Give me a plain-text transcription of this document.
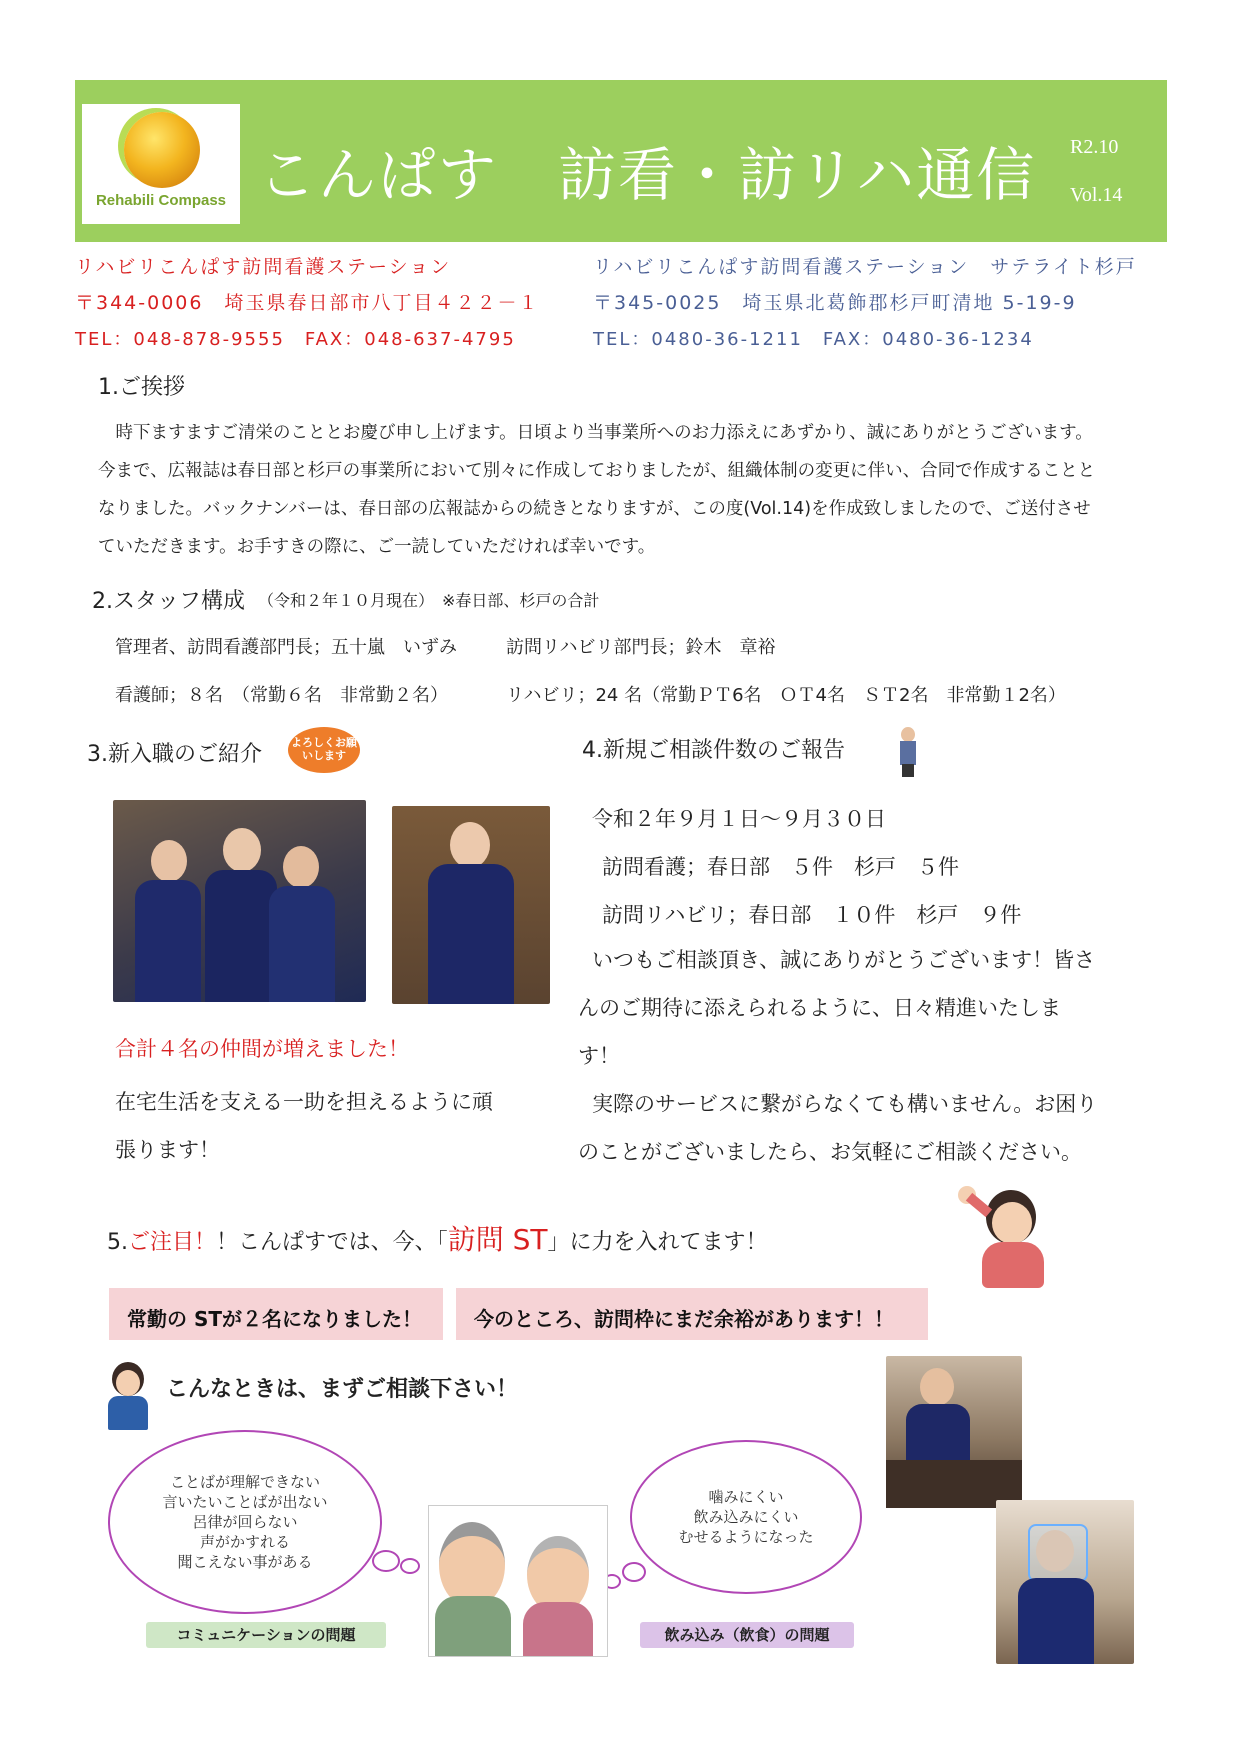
Rehabili Compass こんぱす　訪看・訪リハ通信 R2.10
Vol.14
リハビリこんぱす訪問看護ステーション
〒344-0006　埼玉県春日部市八丁目４２２－１
TEL：048-878-9555　FAX：048-637-4795
リハビリこんぱす訪問看護ステーション　サテライト杉戸
〒345-0025　埼玉県北葛飾郡杉戸町清地 5-19-9
TEL：0480-36-1211　FAX：0480-36-1234
1.ご挨拶
　時下ますますご清栄のこととお慶び申し上げます。日頃より当事業所へのお力添えにあずかり、誠にありがとうございます。
今まで、広報誌は春日部と杉戸の事業所において別々に作成しておりましたが、組織体制の変更に伴い、合同で作成することと
なりました。バックナンバーは、春日部の広報誌からの続きとなりますが、この度(Vol.14)を作成致しましたので、ご送付させ
ていただきます。お手すきの際に、ご一読していただければ幸いです。
2.スタッフ構成 （令和２年１０月現在）　※春日部、杉戸の合計
管理者、訪問看護部門長；五十嵐　いずみ	訪問リハビリ部門長；鈴木　章裕
看護師；８名　（常勤６名　非常勤２名）	リハビリ；24 名（常勤ＰＴ6名　ＯＴ4名　ＳＴ2名　非常勤１2名）
3.新入職のご紹介	よろしくお願いします
合計４名の仲間が増えました！
在宅生活を支える一助を担えるように頑
張ります！
4.新規ご相談件数のご報告
令和２年９月１日～９月３０日
訪問看護；春日部　５件　杉戸　５件
訪問リハビリ；春日部　１０件　杉戸　９件
いつもご相談頂き、誠にありがとうございます！皆さ
んのご期待に添えられるように、日々精進いたしま
す！
実際のサービスに繋がらなくても構いません。お困り
のことがございましたら、お気軽にご相談ください。
5.ご注目！！こんぱすでは、今、「訪問 ST」に力を入れてます！
常勤の STが２名になりました！	今のところ、訪問枠にまだ余裕があります！！
こんなときは、まずご相談下さい！
ことばが理解できない
言いたいことばが出ない
呂律が回らない
声がかすれる
聞こえない事がある
噛みにくい
飲み込みにくい
むせるようになった
コミュニケーションの問題	飲み込み（飲食）の問題
